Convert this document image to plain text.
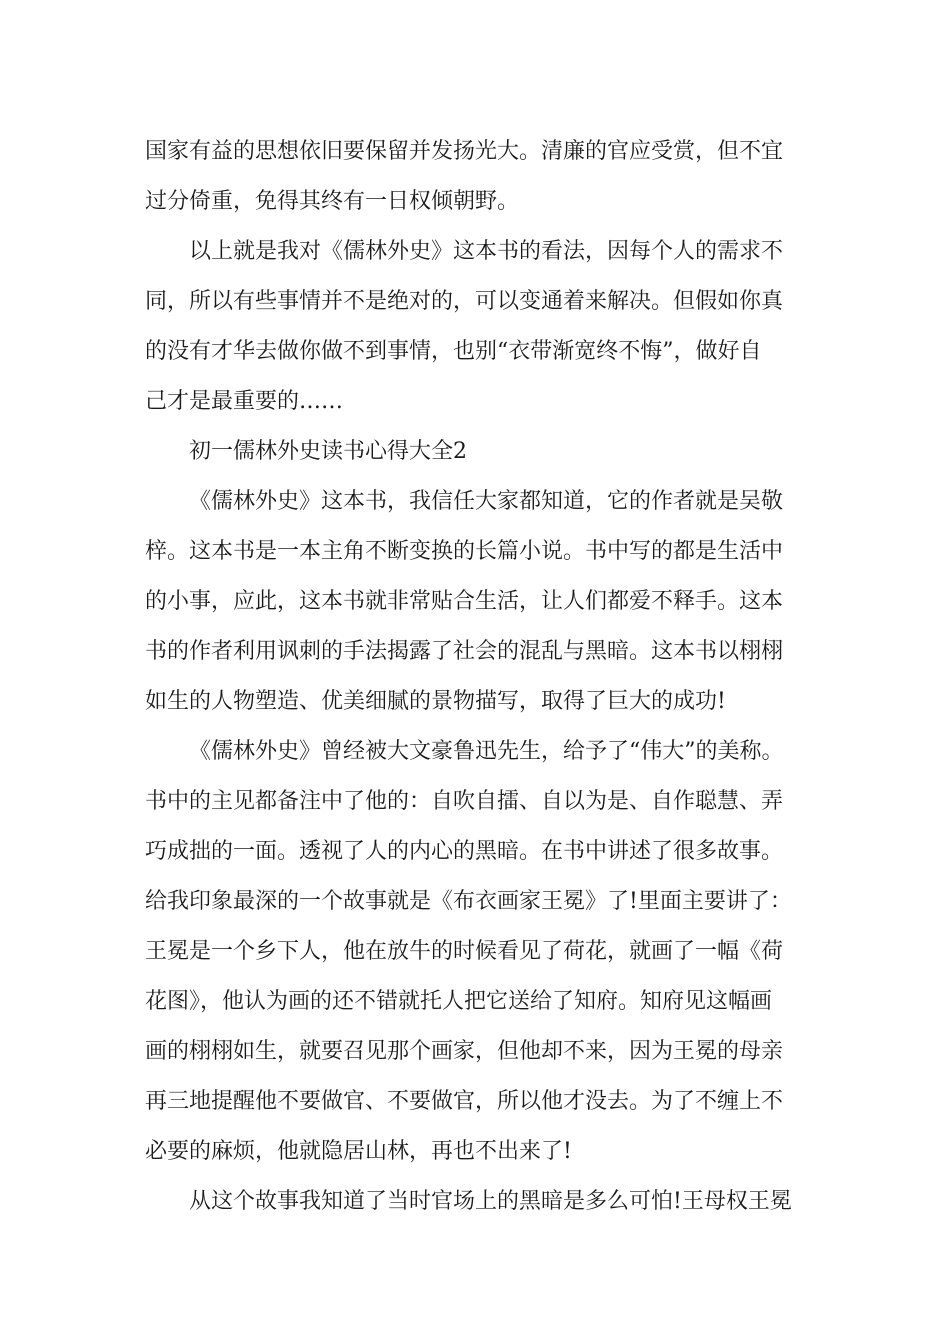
国家有益的思想依旧要保留并发扬光大。清廉的官应受赏，但不宜
过分倚重，免得其终有一日权倾朝野。
以上就是我对《儒林外史》这本书的看法，因每个人的需求不
同，所以有些事情并不是绝对的，可以变通着来解决。但假如你真
的没有才华去做你做不到事情，也别“衣带渐宽终不悔”，做好自
己才是最重要的……
初一儒林外史读书心得大全2
《儒林外史》这本书，我信任大家都知道，它的作者就是吴敬
梓。这本书是一本主角不断变换的长篇小说。书中写的都是生活中
的小事，应此，这本书就非常贴合生活，让人们都爱不释手。这本
书的作者利用讽刺的手法揭露了社会的混乱与黑暗。这本书以栩栩
如生的人物塑造、优美细腻的景物描写，取得了巨大的成功!
《儒林外史》曾经被大文豪鲁迅先生，给予了“伟大”的美称。
书中的主见都备注中了他的：自吹自擂、自以为是、自作聪慧、弄
巧成拙的一面。透视了人的内心的黑暗。在书中讲述了很多故事。
给我印象最深的一个故事就是《布衣画家王冕》了!里面主要讲了：
王冕是一个乡下人，他在放牛的时候看见了荷花，就画了一幅《荷
花图》，他认为画的还不错就托人把它送给了知府。知府见这幅画
画的栩栩如生，就要召见那个画家，但他却不来，因为王冕的母亲
再三地提醒他不要做官、不要做官，所以他才没去。为了不缠上不
必要的麻烦，他就隐居山林，再也不出来了!
从这个故事我知道了当时官场上的黑暗是多么可怕!王母权王冕
